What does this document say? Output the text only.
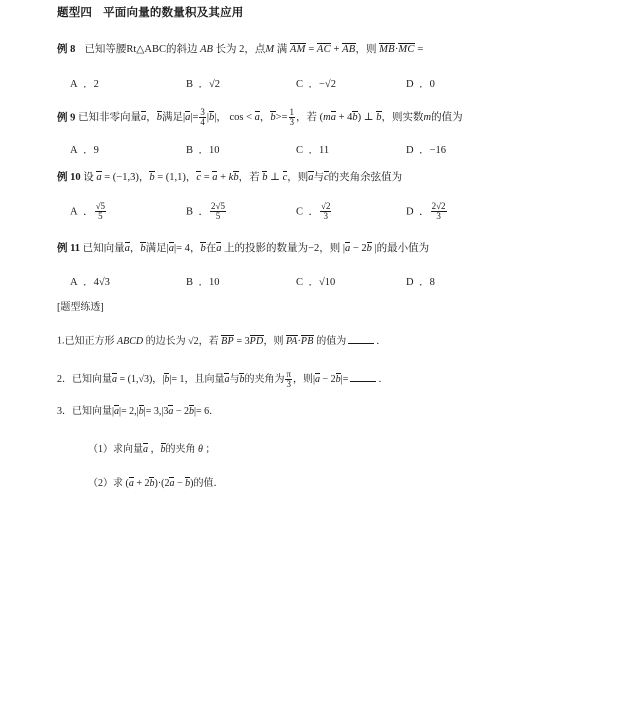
题型四 平面向量的数量积及其应用
例 8 已知等腰Rt△ABC的斜边 AB 长为 2，点M 满 AM = AC + AB，则 MB·MC =
A ．2	B ．√2	C ．−√2	D ．0
例 9 已知非零向量a，b满足$|a|= \frac{3}{4} |b|$， cos < a，$b>= \frac{1}{3}$ ，若 (ma + 4b) ⊥ b，则实数m的值为
A ．9	B ．10	C ．11	D ．−16
例 10 设 a = (−1,3)，b = (1,1)，c = a + kb，若 b ⊥ c，则a与c的夹角余弦值为
A ． $\frac{√5}{5}$	B ． $\frac{2√5}{5}$	C ． $\frac{√2}{3}$	D ． $\frac{2√2}{3}$
例 11 已知向量a，b满足|a|= 4，b在a 上的投影的数量为−2，则 |a − 2b |的最小值为
A ．4√3	B ．10	C ．√10	D ．8
[题型练透]
1.已知正方形 ABCD 的边长为 √2，若 BP = 3PD，则 PA·PB 的值为	．
2．已知向量a = (1,√3)，|b|= 1，且向量a与b的夹角为 $\frac{\pi}{3}$ ，则|a − 2b|=	．
3．已知向量|a|= 2,|b|= 3,|3a − 2b|= 6．
（1）求向量a ，b的夹角 θ ；
（2）求 (a + 2b)·(2a − b)的值．
